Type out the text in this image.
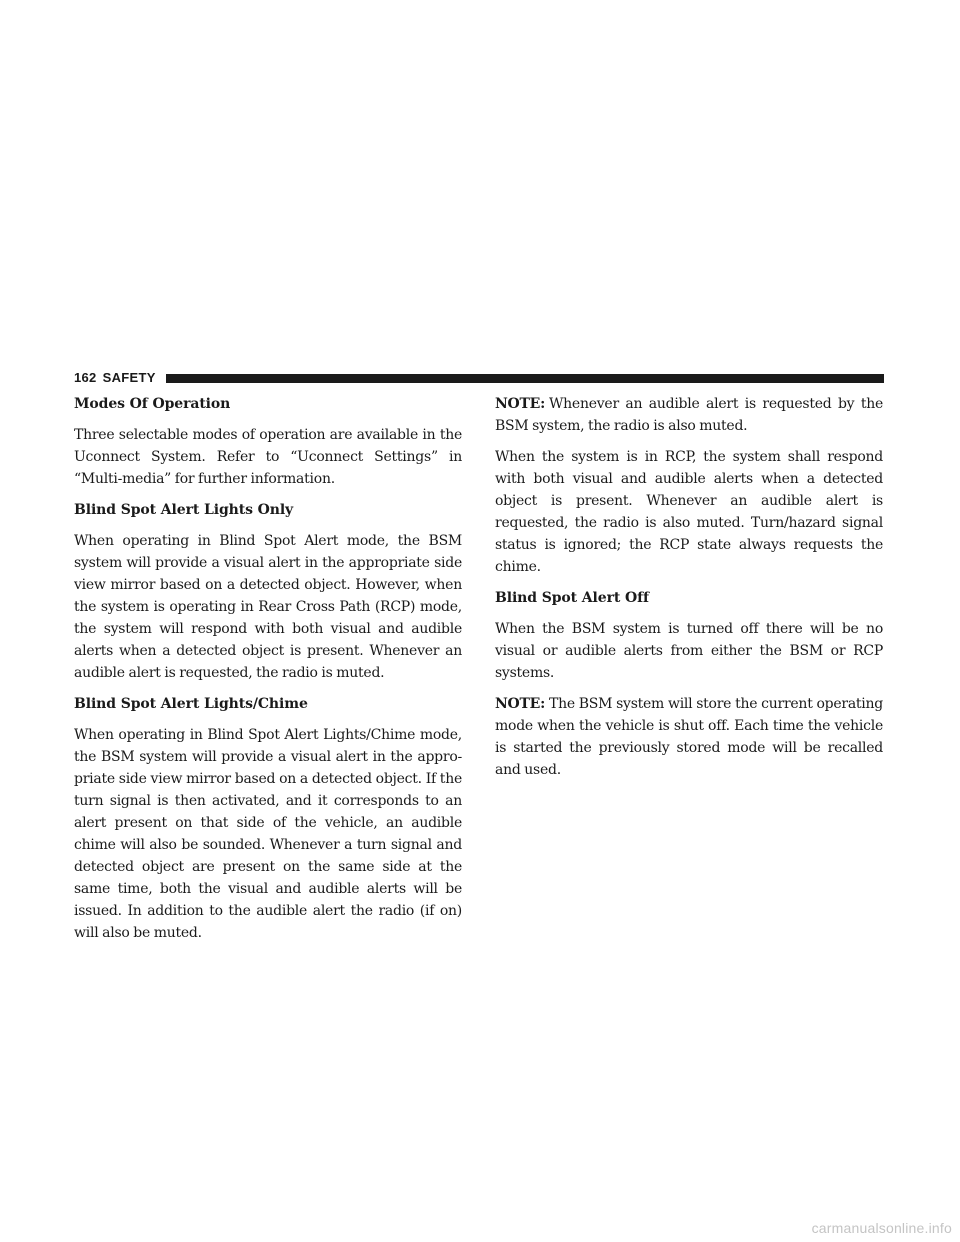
162 SAFETY
Modes Of Operation

Three selectable modes of operation are available in the Uconnect System. Refer to “Uconnect Settings” in “Multi-media” for further information.

Blind Spot Alert Lights Only

When operating in Blind Spot Alert mode, the BSM system will provide a visual alert in the appropriate side view mirror based on a detected object. However, when the system is operating in Rear Cross Path (RCP) mode, the system will respond with both visual and audible alerts when a detected object is present. Whenever an audible alert is requested, the radio is muted.

Blind Spot Alert Lights/Chime

When operating in Blind Spot Alert Lights/Chime mode, the BSM system will provide a visual alert in the appro-priate side view mirror based on a detected object. If the turn signal is then activated, and it corresponds to an alert present on that side of the vehicle, an audible chime will also be sounded. Whenever a turn signal and detected object are present on the same side at the same time, both the visual and audible alerts will be issued. In addition to the audible alert the radio (if on) will also be muted.

NOTE: Whenever an audible alert is requested by the BSM system, the radio is also muted.

When the system is in RCP, the system shall respond with both visual and audible alerts when a detected object is present. Whenever an audible alert is requested, the radio is also muted. Turn/hazard signal status is ignored; the RCP state always requests the chime.

Blind Spot Alert Off

When the BSM system is turned off there will be no visual or audible alerts from either the BSM or RCP systems.

NOTE: The BSM system will store the current operating mode when the vehicle is shut off. Each time the vehicle is started the previously stored mode will be recalled and used.

carmanualsonline.info
